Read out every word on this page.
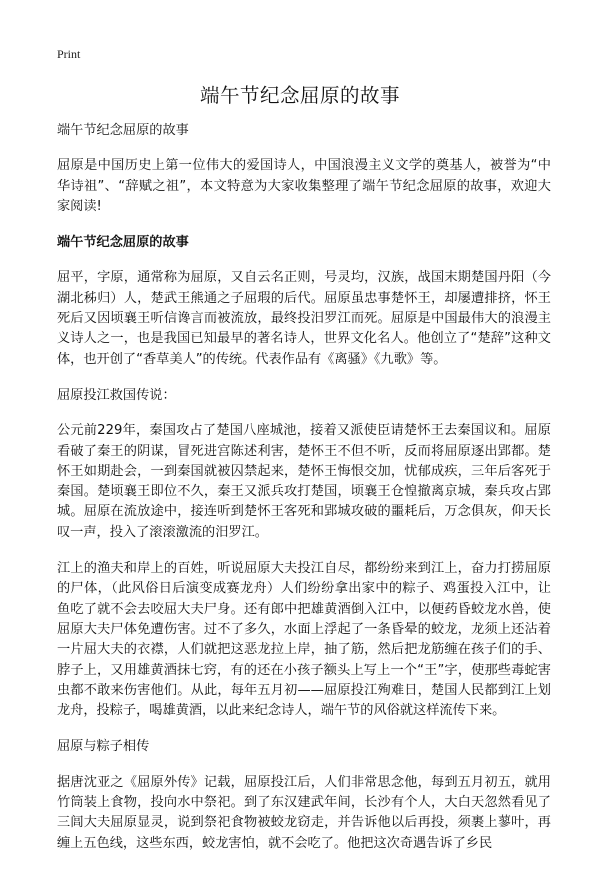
Print
端午节纪念屈原的故事

端午节纪念屈原的故事

屈原是中国历史上第一位伟大的爱国诗人，中国浪漫主义文学的奠基人，被誉为“中华诗祖”、“辞赋之祖”，本文特意为大家收集整理了端午节纪念屈原的故事，欢迎大家阅读!

端午节纪念屈原的故事

屈平，字原，通常称为屈原，又自云名正则，号灵均，汉族，战国末期楚国丹阳（今湖北秭归）人，楚武王熊通之子屈瑕的后代。屈原虽忠事楚怀王，却屡遭排挤，怀王死后又因顷襄王听信谗言而被流放，最终投汨罗江而死。屈原是中国最伟大的浪漫主义诗人之一，也是我国已知最早的著名诗人，世界文化名人。他创立了“楚辞”这种文体，也开创了“香草美人”的传统。代表作品有《离骚》《九歌》等。

屈原投江救国传说：

公元前229年，秦国攻占了楚国八座城池，接着又派使臣请楚怀王去秦国议和。屈原看破了秦王的阴谋，冒死进宫陈述利害，楚怀王不但不听，反而将屈原逐出郢都。楚怀王如期赴会，一到秦国就被囚禁起来，楚怀王悔恨交加，忧郁成疾，三年后客死于秦国。楚顷襄王即位不久，秦王又派兵攻打楚国，顷襄王仓惶撤离京城，秦兵攻占郢城。屈原在流放途中，接连听到楚怀王客死和郢城攻破的噩耗后，万念俱灰，仰天长叹一声，投入了滚滚激流的汨罗江。

江上的渔夫和岸上的百姓，听说屈原大夫投江自尽，都纷纷来到江上，奋力打捞屈原的尸体，（此风俗日后演变成赛龙舟）人们纷纷拿出家中的粽子、鸡蛋投入江中，让鱼吃了就不会去咬屈大夫尸身。还有郎中把雄黄酒倒入江中，以便药昏蛟龙水兽，使屈原大夫尸体免遭伤害。过不了多久，水面上浮起了一条昏晕的蛟龙，龙须上还沾着一片屈大夫的衣襟，人们就把这恶龙拉上岸，抽了筋，然后把龙筋缠在孩子们的手、脖子上，又用雄黄酒抹七窍，有的还在小孩子额头上写上一个“王”字，使那些毒蛇害虫都不敢来伤害他们。从此，每年五月初——屈原投江殉难日，楚国人民都到江上划龙舟，投粽子，喝雄黄酒，以此来纪念诗人，端午节的风俗就这样流传下来。

屈原与粽子相传

据唐沈亚之《屈原外传》记载，屈原投江后，人们非常思念他，每到五月初五，就用竹筒装上食物，投向水中祭祀。到了东汉建武年间，长沙有个人，大白天忽然看见了三闾大夫屈原显灵，说到祭祀食物被蛟龙窃走，并告诉他以后再投，须裹上蓼叶，再缠上五色线，这些东西，蛟龙害怕，就不会吃了。他把这次奇遇告诉了乡民
